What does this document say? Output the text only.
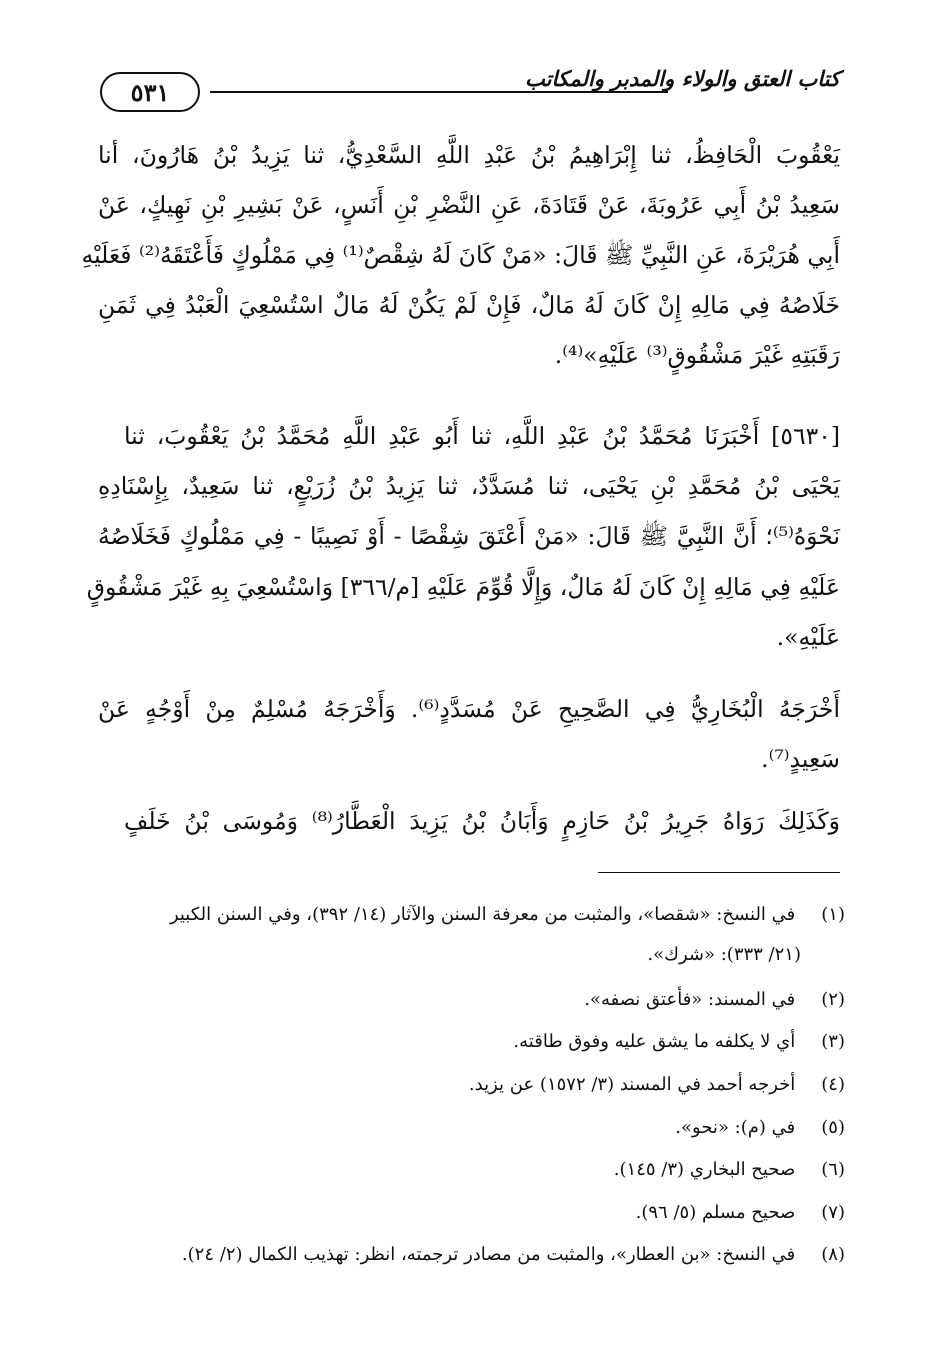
٥٣١	كتاب العتق والولاء والمدبر والمكاتب
يَعْقُوبَ الْحَافِظُ، ثنا إِبْرَاهِيمُ بْنُ عَبْدِ اللَّهِ السَّعْدِيُّ، ثنا يَزِيدُ بْنُ هَارُونَ، أنا
سَعِيدُ بْنُ أَبِي عَرُوبَةَ، عَنْ قَتَادَةَ، عَنِ النَّضْرِ بْنِ أَنَسٍ، عَنْ بَشِيرِ بْنِ نَهِيكٍ، عَنْ
أَبِي هُرَيْرَةَ، عَنِ النَّبِيِّ ﷺ قَالَ: «مَنْ كَانَ لَهُ شِقْصٌ⁽¹⁾ فِي مَمْلُوكٍ فَأَعْتَقَهُ⁽²⁾ فَعَلَيْهِ
خَلَاصُهُ فِي مَالِهِ إِنْ كَانَ لَهُ مَالٌ، فَإِنْ لَمْ يَكُنْ لَهُ مَالٌ اسْتُسْعِيَ الْعَبْدُ فِي ثَمَنِ
رَقَبَتِهِ غَيْرَ مَشْقُوقٍ⁽³⁾ عَلَيْهِ»⁽⁴⁾.
[٥٦٣٠] أَخْبَرَنَا مُحَمَّدُ بْنُ عَبْدِ اللَّهِ، ثنا أَبُو عَبْدِ اللَّهِ مُحَمَّدُ بْنُ يَعْقُوبَ، ثنا
يَحْيَى بْنُ مُحَمَّدِ بْنِ يَحْيَى، ثنا مُسَدَّدٌ، ثنا يَزِيدُ بْنُ زُرَيْعٍ، ثنا سَعِيدٌ، بِإِسْنَادِهِ
نَحْوَهُ⁽⁵⁾؛ أَنَّ النَّبِيَّ ﷺ قَالَ: «مَنْ أَعْتَقَ شِقْصًا - أَوْ نَصِيبًا - فِي مَمْلُوكٍ فَخَلَاصُهُ
عَلَيْهِ فِي مَالِهِ إِنْ كَانَ لَهُ مَالٌ، وَإِلَّا قُوِّمَ عَلَيْهِ [م/٣٦٦] وَاسْتُسْعِيَ بِهِ غَيْرَ مَشْقُوقٍ
عَلَيْهِ».
أَخْرَجَهُ الْبُخَارِيُّ فِي الصَّحِيحِ عَنْ مُسَدَّدٍ⁽⁶⁾. وَأَخْرَجَهُ مُسْلِمٌ مِنْ أَوْجُهٍ عَنْ
سَعِيدٍ⁽⁷⁾.
وَكَذَلِكَ رَوَاهُ جَرِيرُ بْنُ حَازِمٍ وَأَبَانُ بْنُ يَزِيدَ الْعَطَّارُ⁽⁸⁾ وَمُوسَى بْنُ خَلَفٍ
(١) في النسخ: «شقصا»، والمثبت من معرفة السنن والآثار (١٤/ ٣٩٢)، وفي السنن الكبير
(٢١/ ٣٣٣): «شرك».
(٢) في المسند: «فأعتق نصفه».
(٣) أي لا يكلفه ما يشق عليه وفوق طاقته.
(٤) أخرجه أحمد في المسند (٣/ ١٥٧٢) عن يزيد.
(٥) في (م): «نحو».
(٦) صحيح البخاري (٣/ ١٤٥).
(٧) صحيح مسلم (٥/ ٩٦).
(٨) في النسخ: «بن العطار»، والمثبت من مصادر ترجمته، انظر: تهذيب الكمال (٢/ ٢٤).
